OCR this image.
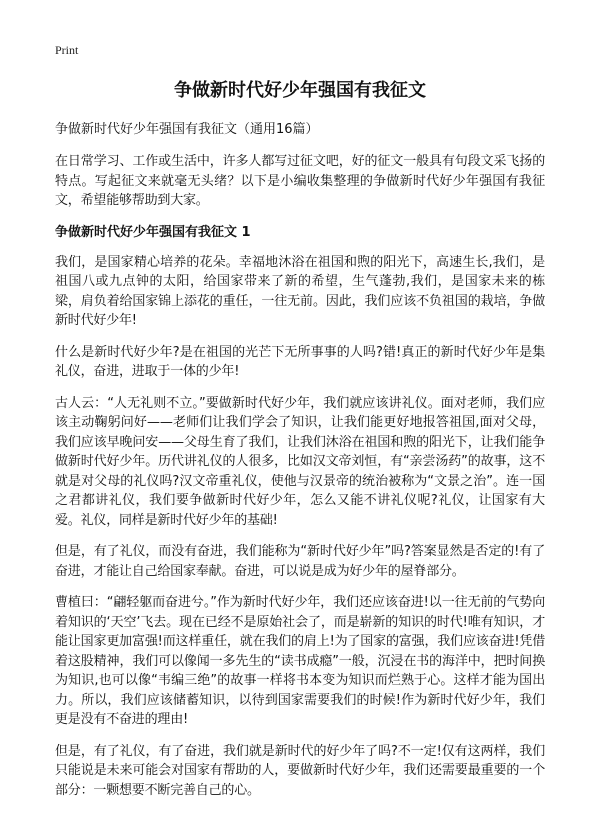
Print
争做新时代好少年强国有我征文
争做新时代好少年强国有我征文（通用16篇）

在日常学习、工作或生活中，许多人都写过征文吧，好的征文一般具有句段文采飞扬的特点。写起征文来就毫无头绪？以下是小编收集整理的争做新时代好少年强国有我征文，希望能够帮助到大家。

争做新时代好少年强国有我征文 1

我们，是国家精心培养的花朵。幸福地沐浴在祖国和煦的阳光下，高速生长,我们，是祖国八或九点钟的太阳，给国家带来了新的希望，生气蓬勃,我们，是国家未来的栋梁，肩负着给国家锦上添花的重任，一往无前。因此，我们应该不负祖国的栽培，争做新时代好少年!

什么是新时代好少年?是在祖国的光芒下无所事事的人吗?错!真正的新时代好少年是集礼仪，奋进，进取于一体的少年!

古人云：“人无礼则不立。”要做新时代好少年，我们就应该讲礼仪。面对老师，我们应该主动鞠躬问好——老师们让我们学会了知识，让我们能更好地报答祖国,面对父母，我们应该早晚问安——父母生育了我们，让我们沐浴在祖国和煦的阳光下，让我们能争做新时代好少年。历代讲礼仪的人很多，比如汉文帝刘恒，有“亲尝汤药”的故事，这不就是对父母的礼仪吗?汉文帝重礼仪，使他与汉景帝的统治被称为“文景之治”。连一国之君都讲礼仪，我们要争做新时代好少年，怎么又能不讲礼仪呢?礼仪，让国家有大爱。礼仪，同样是新时代好少年的基础!

但是，有了礼仪，而没有奋进，我们能称为“新时代好少年”吗?答案显然是否定的!有了奋进，才能让自己给国家奉献。奋进，可以说是成为好少年的屋脊部分。

曹植曰：“翩轻躯而奋进兮。”作为新时代好少年，我们还应该奋进!以一往无前的气势向着知识的‘天空’飞去。现在已经不是原始社会了，而是崭新的知识的时代!唯有知识，才能让国家更加富强!而这样重任，就在我们的肩上!为了国家的富强，我们应该奋进!凭借着这股精神，我们可以像闻一多先生的“读书成瘾”一般，沉浸在书的海洋中，把时间换为知识,也可以像“韦编三绝”的故事一样将书本变为知识而烂熟于心。这样才能为国出力。所以，我们应该储蓄知识，以待到国家需要我们的时候!作为新时代好少年，我们更是没有不奋进的理由!

但是，有了礼仪，有了奋进，我们就是新时代的好少年了吗?不一定!仅有这两样，我们只能说是未来可能会对国家有帮助的人，要做新时代好少年，我们还需要最重要的一个部分：一颗想要不断完善自己的心。
